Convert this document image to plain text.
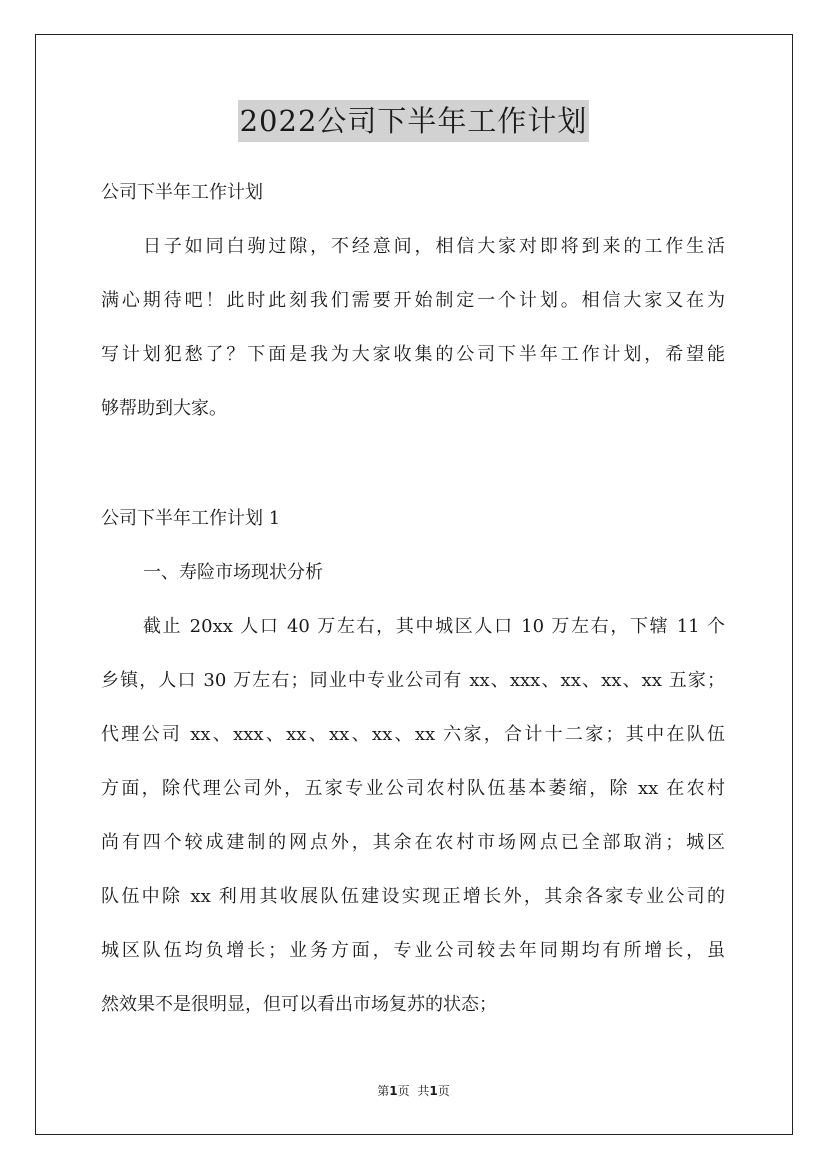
2022公司下半年工作计划
公司下半年工作计划
日子如同白驹过隙，不经意间，相信大家对即将到来的工作生活
满心期待吧！此时此刻我们需要开始制定一个计划。相信大家又在为
写计划犯愁了？下面是我为大家收集的公司下半年工作计划，希望能
够帮助到大家。
公司下半年工作计划 1
一、寿险市场现状分析
截止 20xx 人口 40 万左右，其中城区人口 10 万左右，下辖 11 个
乡镇，人口 30 万左右；同业中专业公司有 xx、xxx、xx、xx、xx 五家；
代理公司 xx、xxx、xx、xx、xx、xx 六家，合计十二家；其中在队伍
方面，除代理公司外，五家专业公司农村队伍基本萎缩，除 xx 在农村
尚有四个较成建制的网点外，其余在农村市场网点已全部取消；城区
队伍中除 xx 利用其收展队伍建设实现正增长外，其余各家专业公司的
城区队伍均负增长；业务方面，专业公司较去年同期均有所增长，虽
然效果不是很明显，但可以看出市场复苏的状态；
第1页 共1页
